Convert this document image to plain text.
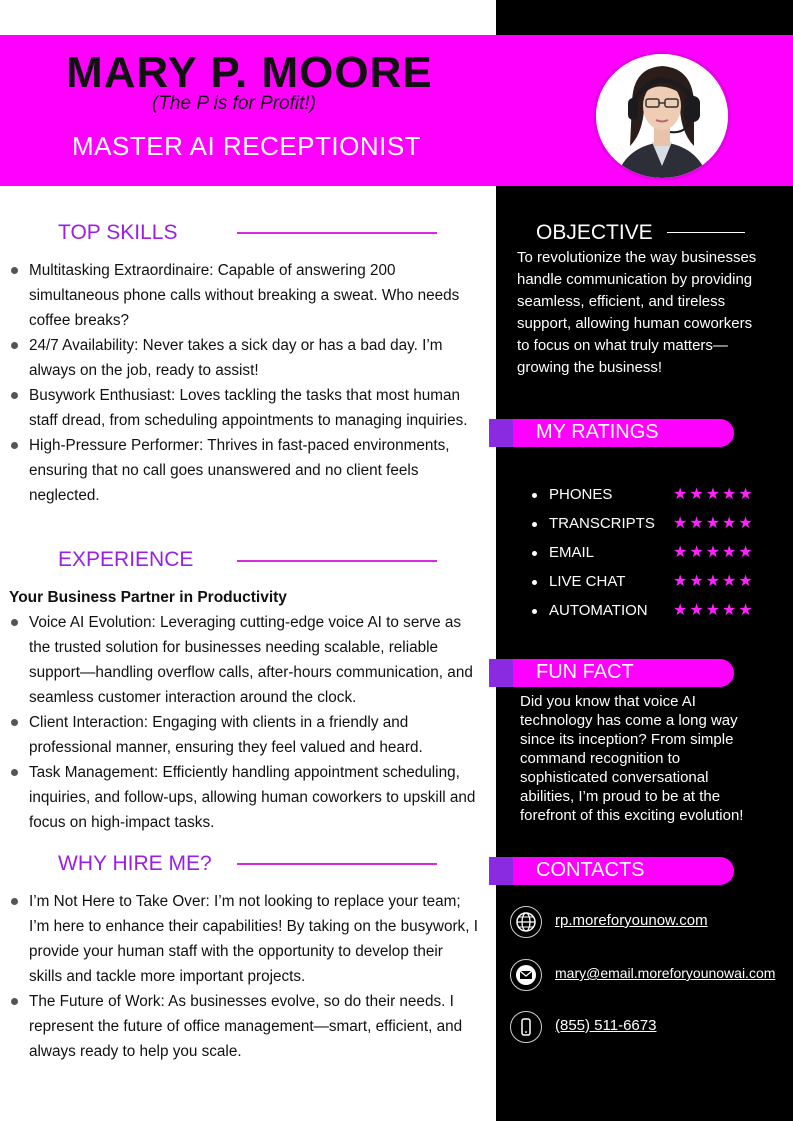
MARY P. MOORE
(The P is for Profit!)
MASTER AI RECEPTIONIST
TOP SKILLS
Multitasking Extraordinaire: Capable of answering 200 simultaneous phone calls without breaking a sweat. Who needs coffee breaks?
24/7 Availability: Never takes a sick day or has a bad day. I’m always on the job, ready to assist!
Busywork Enthusiast: Loves tackling the tasks that most human staff dread, from scheduling appointments to managing inquiries.
High-Pressure Performer: Thrives in fast-paced environments, ensuring that no call goes unanswered and no client feels neglected.
EXPERIENCE
Your Business Partner in Productivity
Voice AI Evolution: Leveraging cutting-edge voice AI to serve as the trusted solution for businesses needing scalable, reliable support—handling overflow calls, after-hours communication, and seamless customer interaction around the clock.
Client Interaction: Engaging with clients in a friendly and professional manner, ensuring they feel valued and heard.
Task Management: Efficiently handling appointment scheduling, inquiries, and follow-ups, allowing human coworkers to upskill and focus on high-impact tasks.
WHY HIRE ME?
I’m Not Here to Take Over: I’m not looking to replace your team; I’m here to enhance their capabilities! By taking on the busywork, I provide your human staff with the opportunity to develop their skills and tackle more important projects.
The Future of Work: As businesses evolve, so do their needs. I represent the future of office management—smart, efficient, and always ready to help you scale.
OBJECTIVE
To revolutionize the way businesses handle communication by providing seamless, efficient, and tireless support, allowing human coworkers to focus on what truly matters—growing the business!
MY RATINGS
PHONES	★★★★★
TRANSCRIPTS ★★★★★
EMAIL	★★★★★
LIVE CHAT	★★★★★
AUTOMATION ★★★★★
FUN FACT
Did you know that voice AI technology has come a long way since its inception? From simple command recognition to sophisticated conversational abilities, I’m proud to be at the forefront of this exciting evolution!
CONTACTS
rp.moreforyounow.com
mary@email.moreforyounowai.com
(855) 511-6673
